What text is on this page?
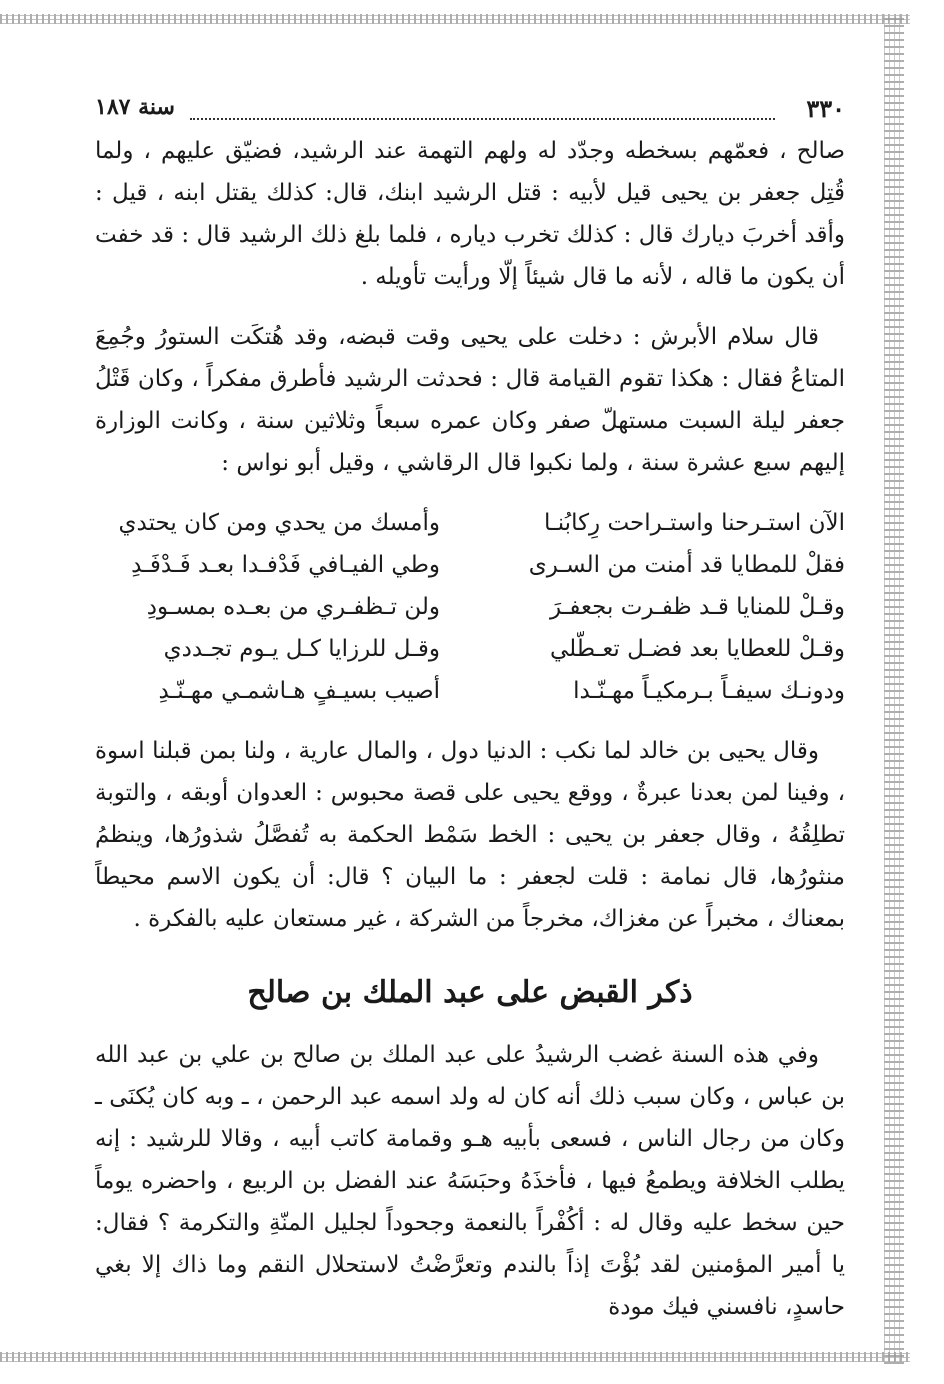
٣٣٠
سنة ١٨٧

صالح ، فعمّهم بسخطه وجدّد له ولهم التهمة عند الرشيد، فضيّق عليهم ، ولما قُتِل جعفر بن يحيى قيل لأبيه : قتل الرشيد ابنك، قال: كذلك يقتل ابنه ، قيل : وأقد أخربَ ديارك قال : كذلك تخرب دياره ، فلما بلغ ذلك الرشيد قال : قد خفت أن يكون ما قاله ، لأنه ما قال شيئاً إلّا ورأيت تأويله .

قال سلام الأبرش : دخلت على يحيى وقت قبضه، وقد هُتكَت الستورُ وجُمِعَ المتاعُ فقال : هكذا تقوم القيامة قال : فحدثت الرشيد فأطرق مفكراً ، وكان قَتْلُ جعفر ليلة السبت مستهلّ صفر وكان عمره سبعاً وثلاثين سنة ، وكانت الوزارة إليهم سبع عشرة سنة ، ولما نكبوا قال الرقاشي ، وقيل أبو نواس :

الآن استـرحنا واستـراحت رِكابُنـا
وأمسك من يحدي ومن كان يحتدي
فقلْ للمطايا قد أمنت من السـرى
وطي الفيـافي فَدْفـدا بعـد فَـدْفَـدِ
وقـلْ للمنايا قـد ظفـرت بجعفـرَ
ولن تـظفـري من بعـده بمسـودِ
وقـلْ للعطايا بعد فضـل تعـطّلي
وقـل للرزايا كـل يـوم تجـددي
ودونـك سيفـاً بـرمكيـاً مهـنّـدا
أصيب بسيـفٍ هـاشمـي مهـنّـدِ

وقال يحيى بن خالد لما نكب : الدنيا دول ، والمال عارية ، ولنا بمن قبلنا اسوة ، وفينا لمن بعدنا عبرةٌ ، ووقع يحيى على قصة محبوس : العدوان أوبقه ، والتوبة تطلِقُهُ ، وقال جعفر بن يحيى : الخط سَمْط الحكمة به تُفصَّلُ شذورُها، وينظمُ منثورُها، قال نمامة : قلت لجعفر : ما البيان ؟ قال: أن يكون الاسم محيطاً بمعناك ، مخبراً عن مغزاك، مخرجاً من الشركة ، غير مستعان عليه بالفكرة .

ذكر القبض على عبد الملك بن صالح

وفي هذه السنة غضب الرشيدُ على عبد الملك بن صالح بن علي بن عبد الله بن عباس ، وكان سبب ذلك أنه كان له ولد اسمه عبد الرحمن ، ـ وبه كان يُكنَى ـ وكان من رجال الناس ، فسعى بأبيه هـو وقمامة كاتب أبيه ، وقالا للرشيد : إنه يطلب الخلافة ويطمعُ فيها ، فأخذَهُ وحبَسَهُ عند الفضل بن الربيع ، واحضره يوماً حين سخط عليه وقال له : أكُفْراً بالنعمة وجحوداً لجليل المنّةِ والتكرمة ؟ فقال: يا أمير المؤمنين لقد بُؤْتَ إذاً بالندم وتعرَّضْتُ لاستحلال النقم وما ذاك إلا بغي حاسدٍ، نافسني فيك مودة
